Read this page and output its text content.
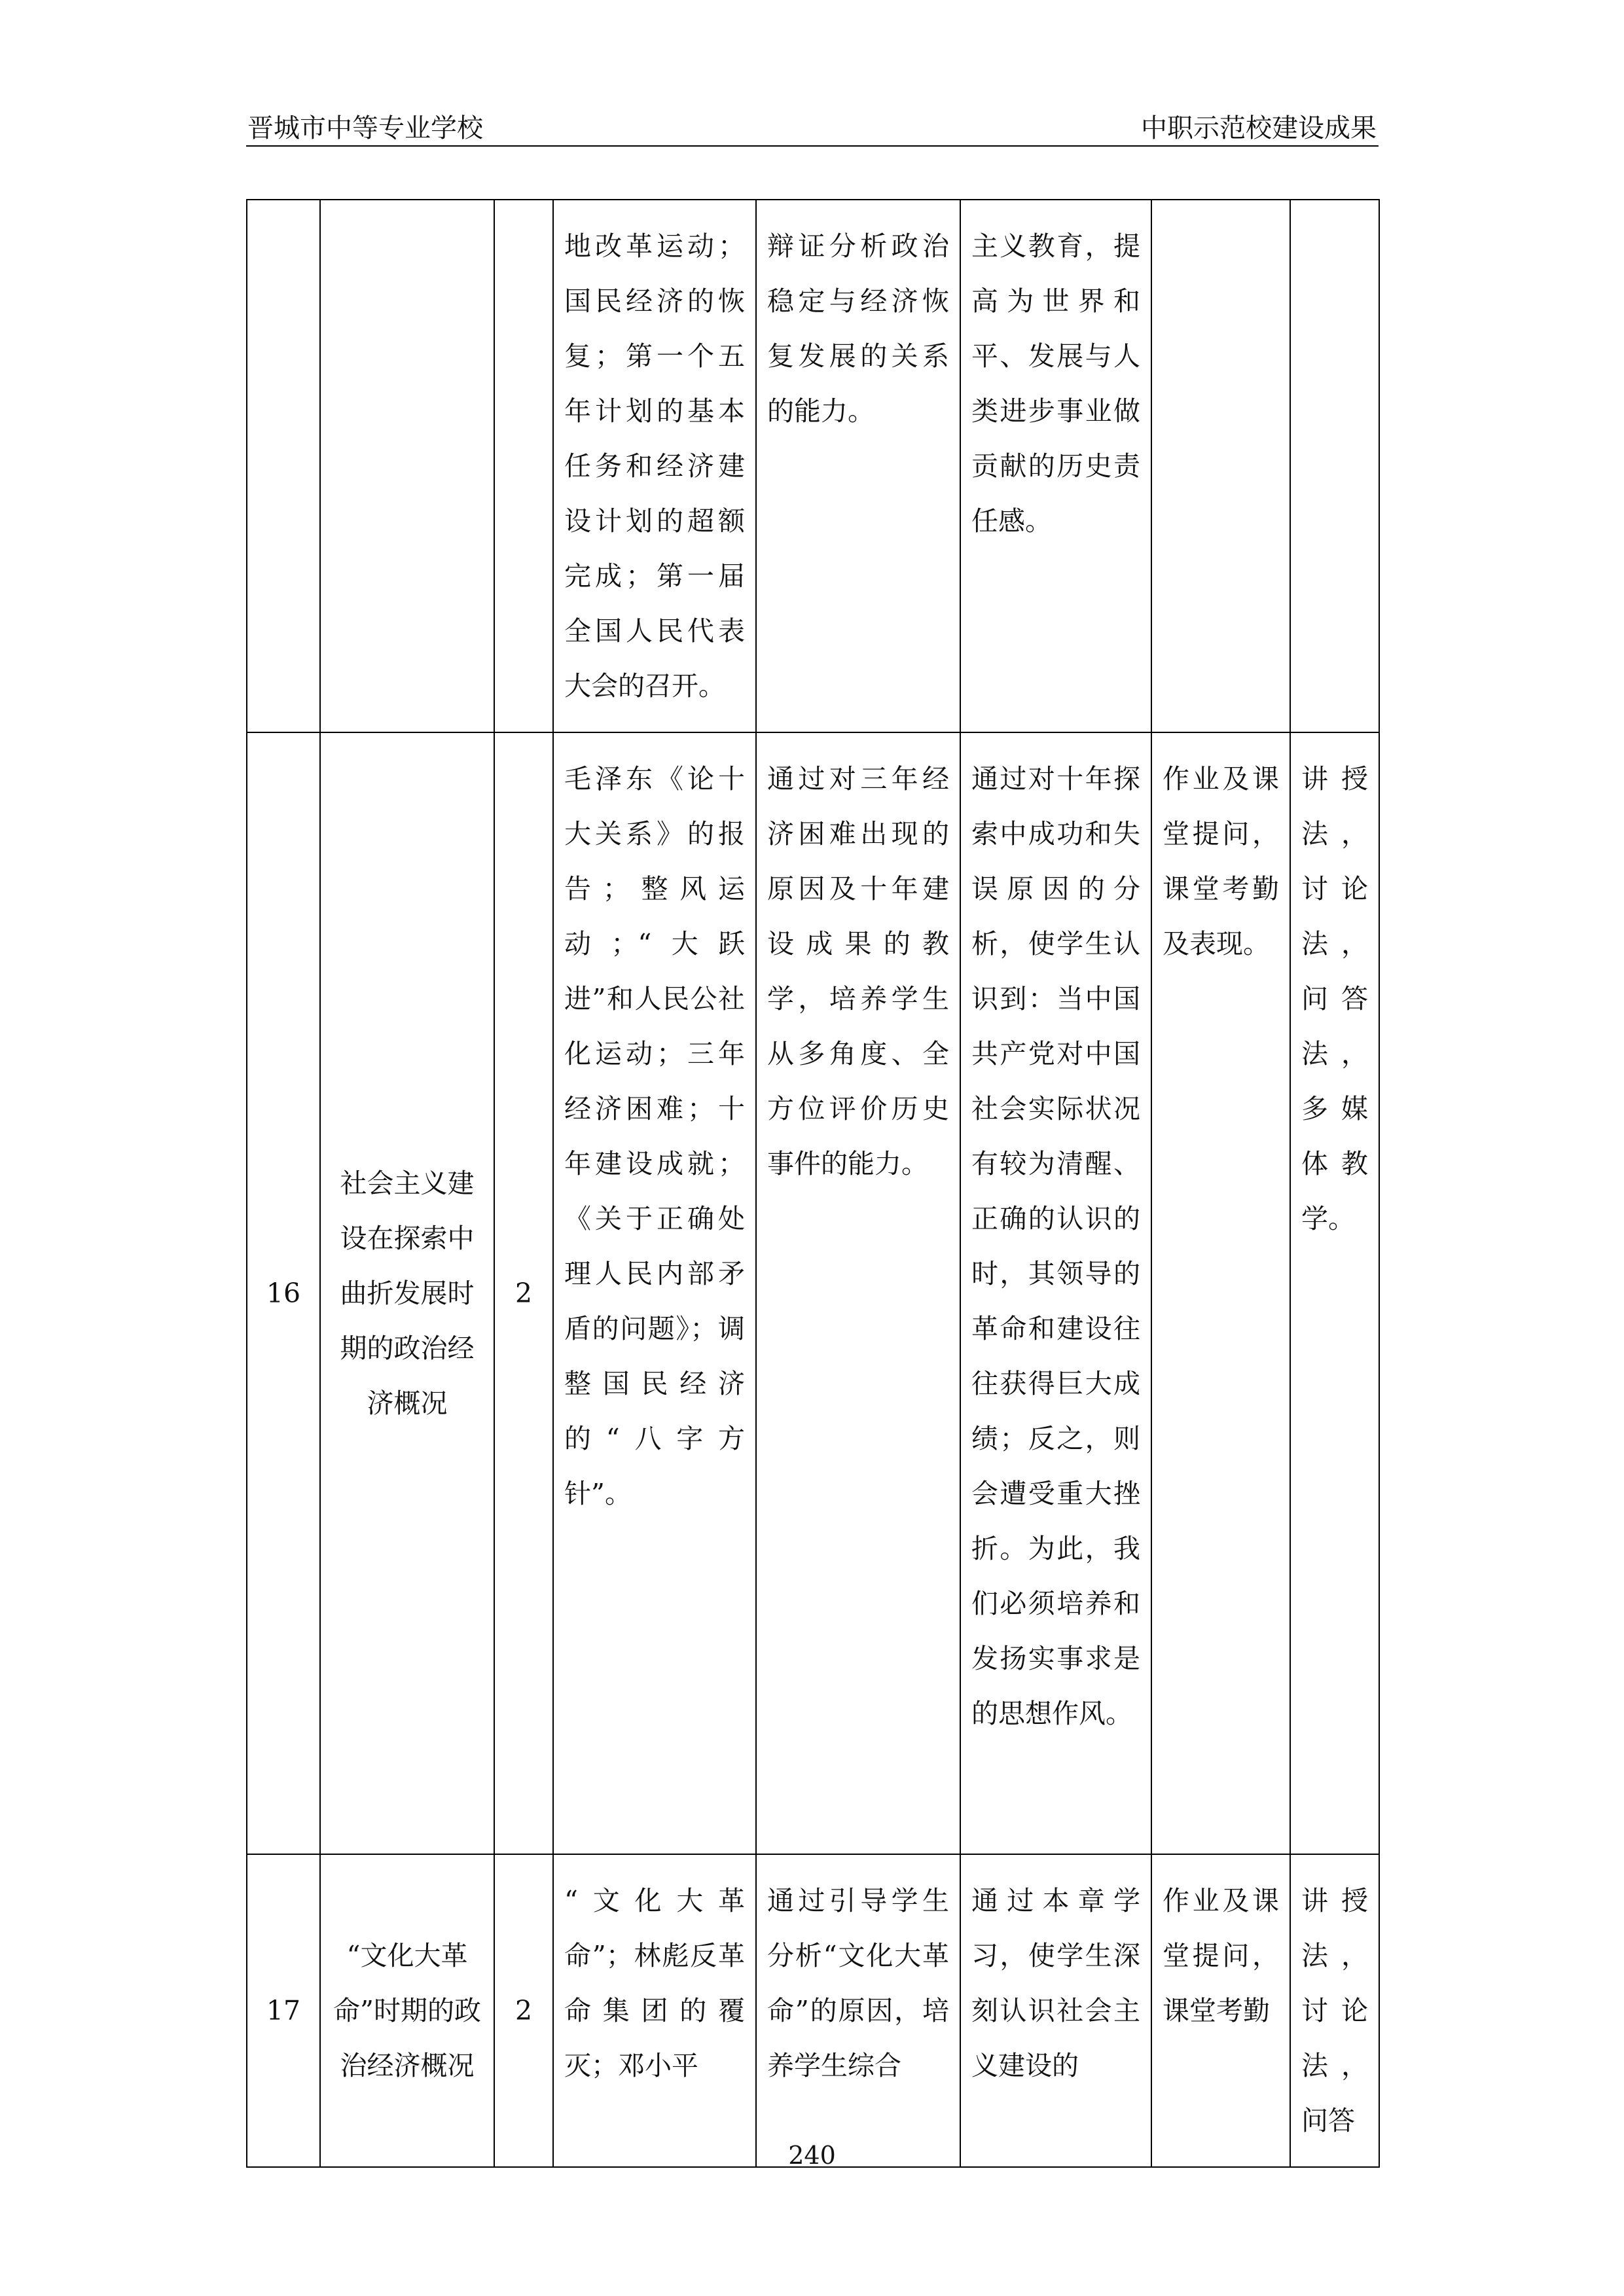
晋城市中等专业学校	中职示范校建设成果
			地改革运动；国民经济的恢复；第一个五年计划的基本任务和经济建设计划的超额完成；第一届全国人民代表大会的召开。	辩证分析政治稳定与经济恢复发展的关系的能力。	主义教育，提高为世界和平、发展与人类进步事业做贡献的历史责任感。		
16	社会主义建设在探索中曲折发展时期的政治经济概况	2	毛泽东《论十大关系》的报告；整风运动；“大跃进”和人民公社化运动；三年经济困难；十年建设成就；《关于正确处理人民内部矛盾的问题》；调整国民经济的“八字方针”。	通过对三年经济困难出现的原因及十年建设成果的教学，培养学生从多角度、全方位评价历史事件的能力。	通过对十年探索中成功和失误原因的分析，使学生认识到：当中国共产党对中国社会实际状况有较为清醒、正确的认识的时，其领导的革命和建设往往获得巨大成绩；反之，则会遭受重大挫折。为此，我们必须培养和发扬实事求是的思想作风。	作业及课堂提问，课堂考勤及表现。	讲授法，讨论法，问答法，多媒体教学。
17	“文化大革命”时期的政治经济概况	2	“文化大革命”；林彪反革命集团的覆灭；邓小平	通过引导学生分析“文化大革命”的原因，培养学生综合	通过本章学习，使学生深刻认识社会主义建设的	作业及课堂提问，课堂考勤	讲授法，讨论法，问答
240
